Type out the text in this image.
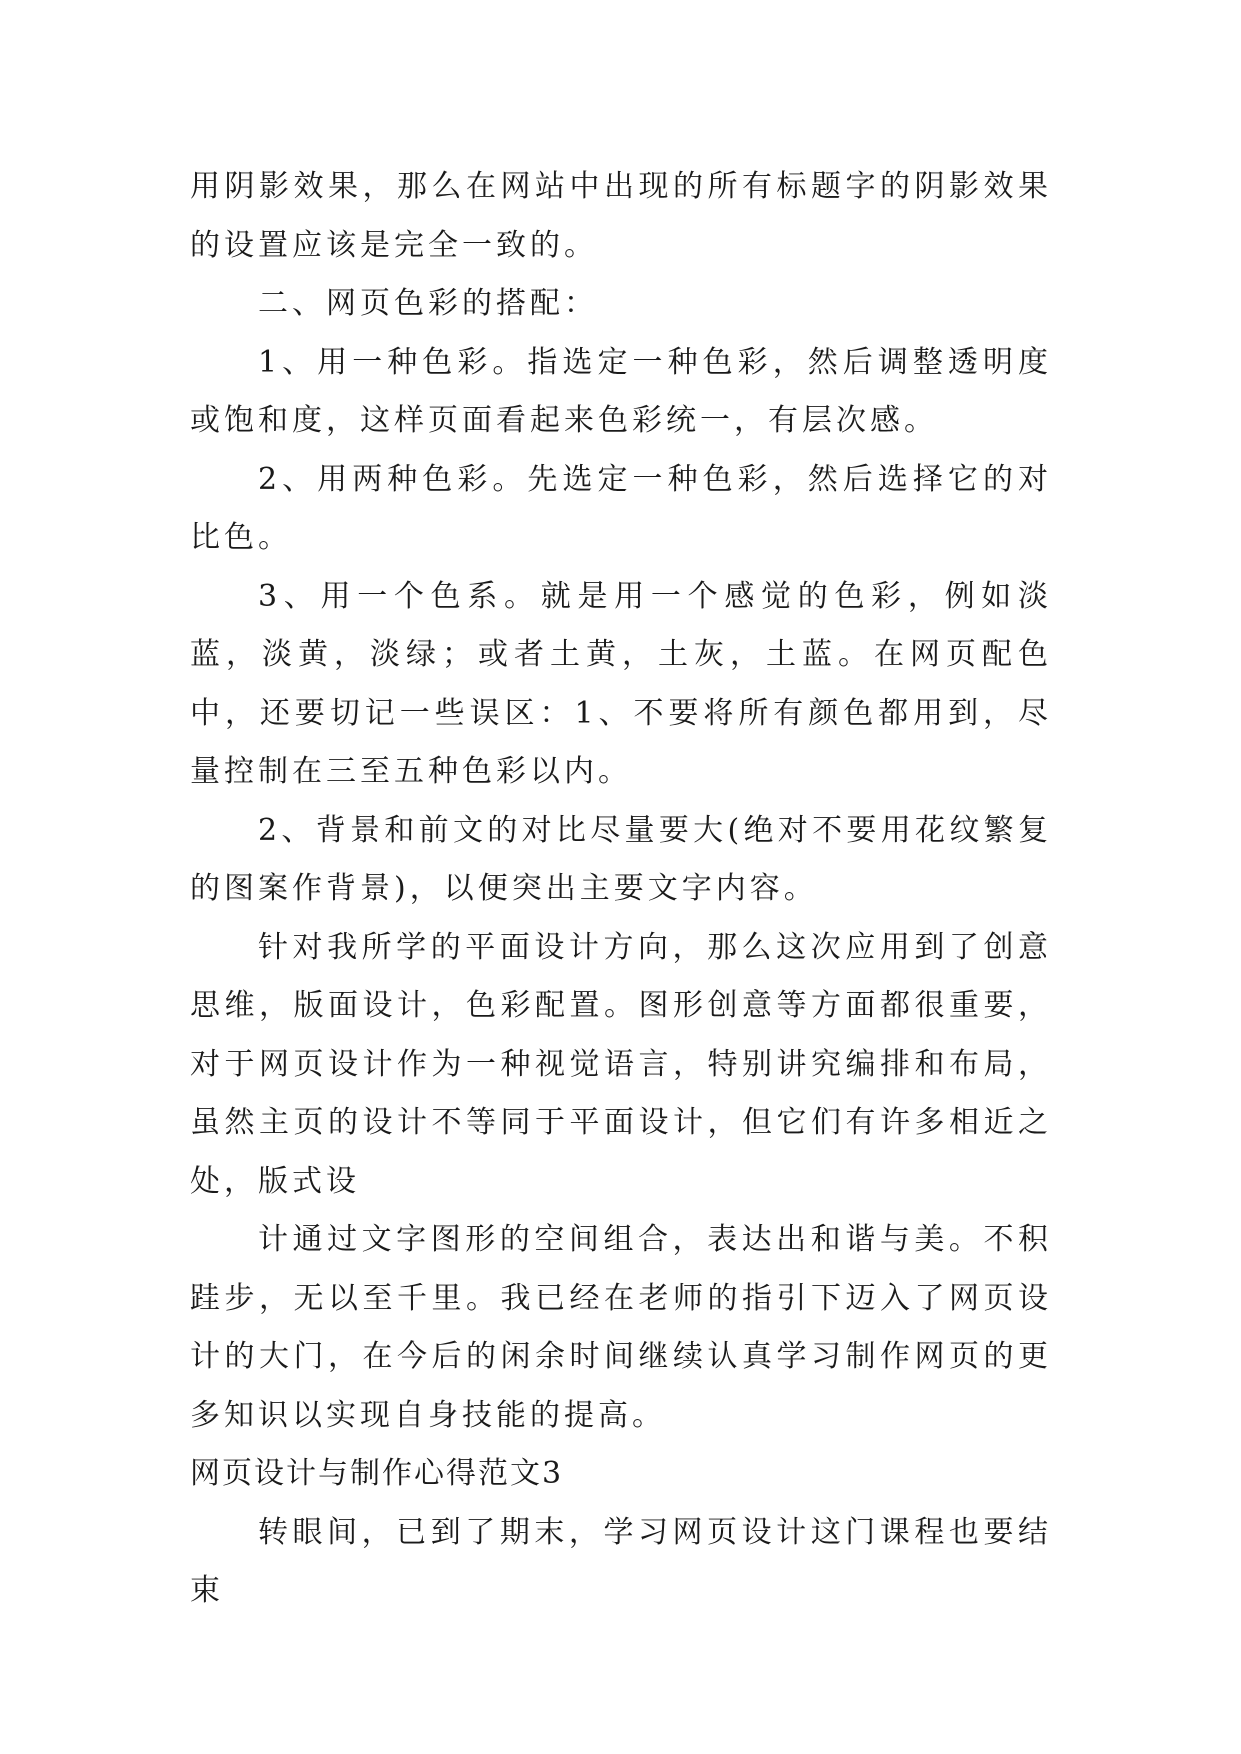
用阴影效果，那么在网站中出现的所有标题字的阴影效果的设置应该是完全一致的。

二、网页色彩的搭配：

1、用一种色彩。指选定一种色彩，然后调整透明度或饱和度，这样页面看起来色彩统一，有层次感。

2、用两种色彩。先选定一种色彩，然后选择它的对比色。

3、用一个色系。就是用一个感觉的色彩，例如淡蓝，淡黄，淡绿；或者土黄，土灰，土蓝。在网页配色中，还要切记一些误区：1、不要将所有颜色都用到，尽量控制在三至五种色彩以内。

2、背景和前文的对比尽量要大(绝对不要用花纹繁复的图案作背景)，以便突出主要文字内容。

针对我所学的平面设计方向，那么这次应用到了创意思维，版面设计，色彩配置。图形创意等方面都很重要，对于网页设计作为一种视觉语言，特别讲究编排和布局，虽然主页的设计不等同于平面设计，但它们有许多相近之处，版式设

计通过文字图形的空间组合，表达出和谐与美。不积跬步，无以至千里。我已经在老师的指引下迈入了网页设计的大门，在今后的闲余时间继续认真学习制作网页的更多知识以实现自身技能的提高。

网页设计与制作心得范文3

转眼间，已到了期末，学习网页设计这门课程也要结束
